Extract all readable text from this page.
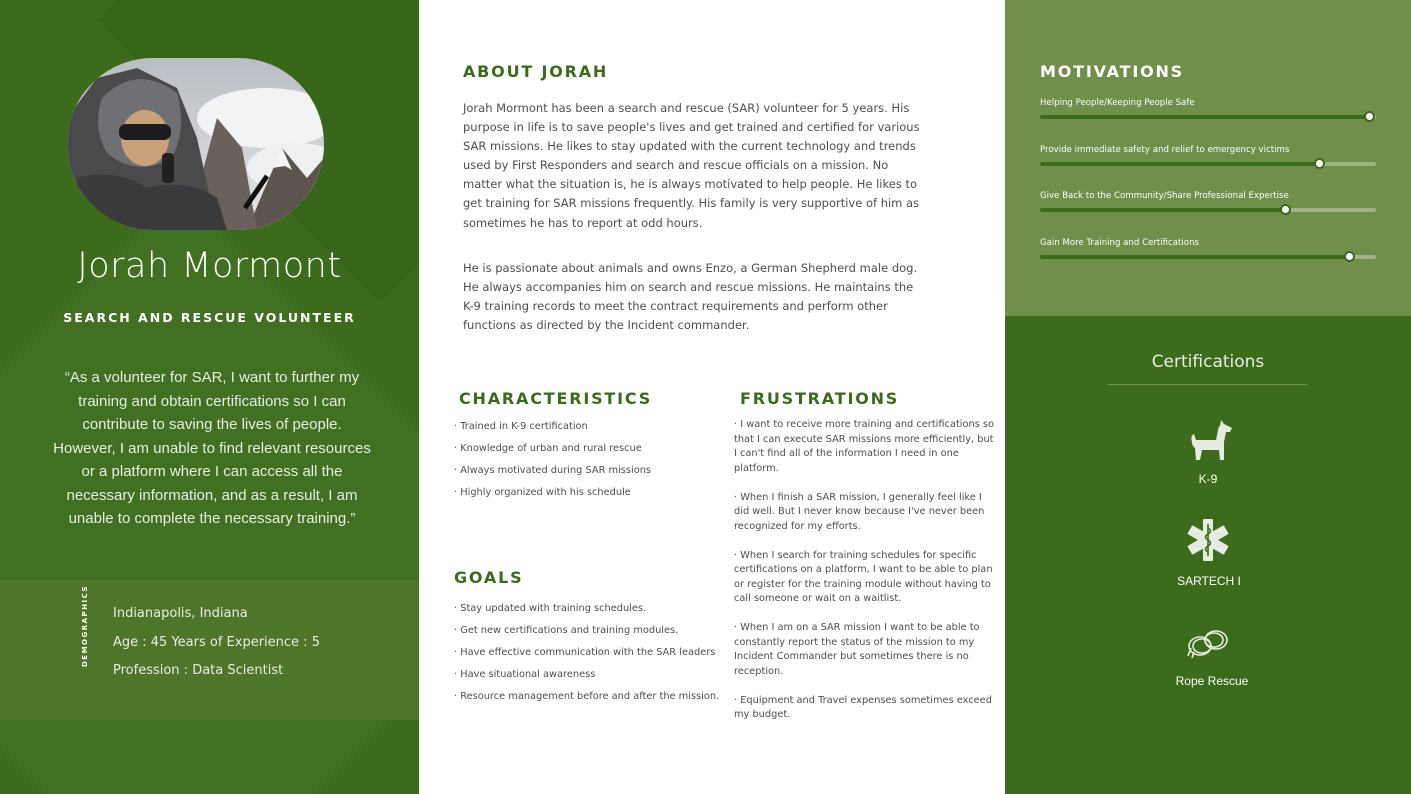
Jorah Mormont
SEARCH AND RESCUE VOLUNTEER
“As a volunteer for SAR, I want to further my training and obtain certifications so I can contribute to saving the lives of people. However, I am unable to find relevant resources or a platform where I can access all the necessary information, and as a result, I am unable to complete the necessary training.”
DEMOGRAPHICS Indianapolis, Indiana
Age : 45 Years of Experience : 5
Profession : Data Scientist
ABOUT JORAH
Jorah Mormont has been a search and rescue (SAR) volunteer for 5 years. His purpose in life is to save people's lives and get trained and certified for various SAR missions. He likes to stay updated with the current technology and trends used by First Responders and search and rescue officials on a mission. No matter what the situation is, he is always motivated to help people. He likes to get training for SAR missions frequently. His family is very supportive of him as sometimes he has to report at odd hours.
He is passionate about animals and owns Enzo, a German Shepherd male dog. He always accompanies him on search and rescue missions. He maintains the K-9 training records to meet the contract requirements and perform other functions as directed by the Incident commander.
CHARACTERISTICS
· Trained in K-9 certification
· Knowledge of urban and rural rescue
· Always motivated during SAR missions
· Highly organized with his schedule
GOALS
· Stay updated with training schedules.
· Get new certifications and training modules.
· Have effective communication with the SAR leaders
· Have situational awareness
· Resource management before and after the mission.
FRUSTRATIONS
· I want to receive more training and certifications so that I can execute SAR missions more efficiently, but I can't find all of the information I need in one platform.
· When I finish a SAR mission, I generally feel like I did well. But I never know because I've never been recognized for my efforts.
· When I search for training schedules for specific certifications on a platform, I want to be able to plan or register for the training module without having to call someone or wait on a waitlist.
· When I am on a SAR mission I want to be able to constantly report the status of the mission to my Incident Commander but sometimes there is no reception.
· Equipment and Travel expenses sometimes exceed my budget.
MOTIVATIONS
Helping People/Keeping People Safe
Provide immediate safety and relief to emergency victims
Give Back to the Community/Share Professional Expertise
Gain More Training and Certifications
Certifications
K-9
SARTECH I
Rope Rescue
